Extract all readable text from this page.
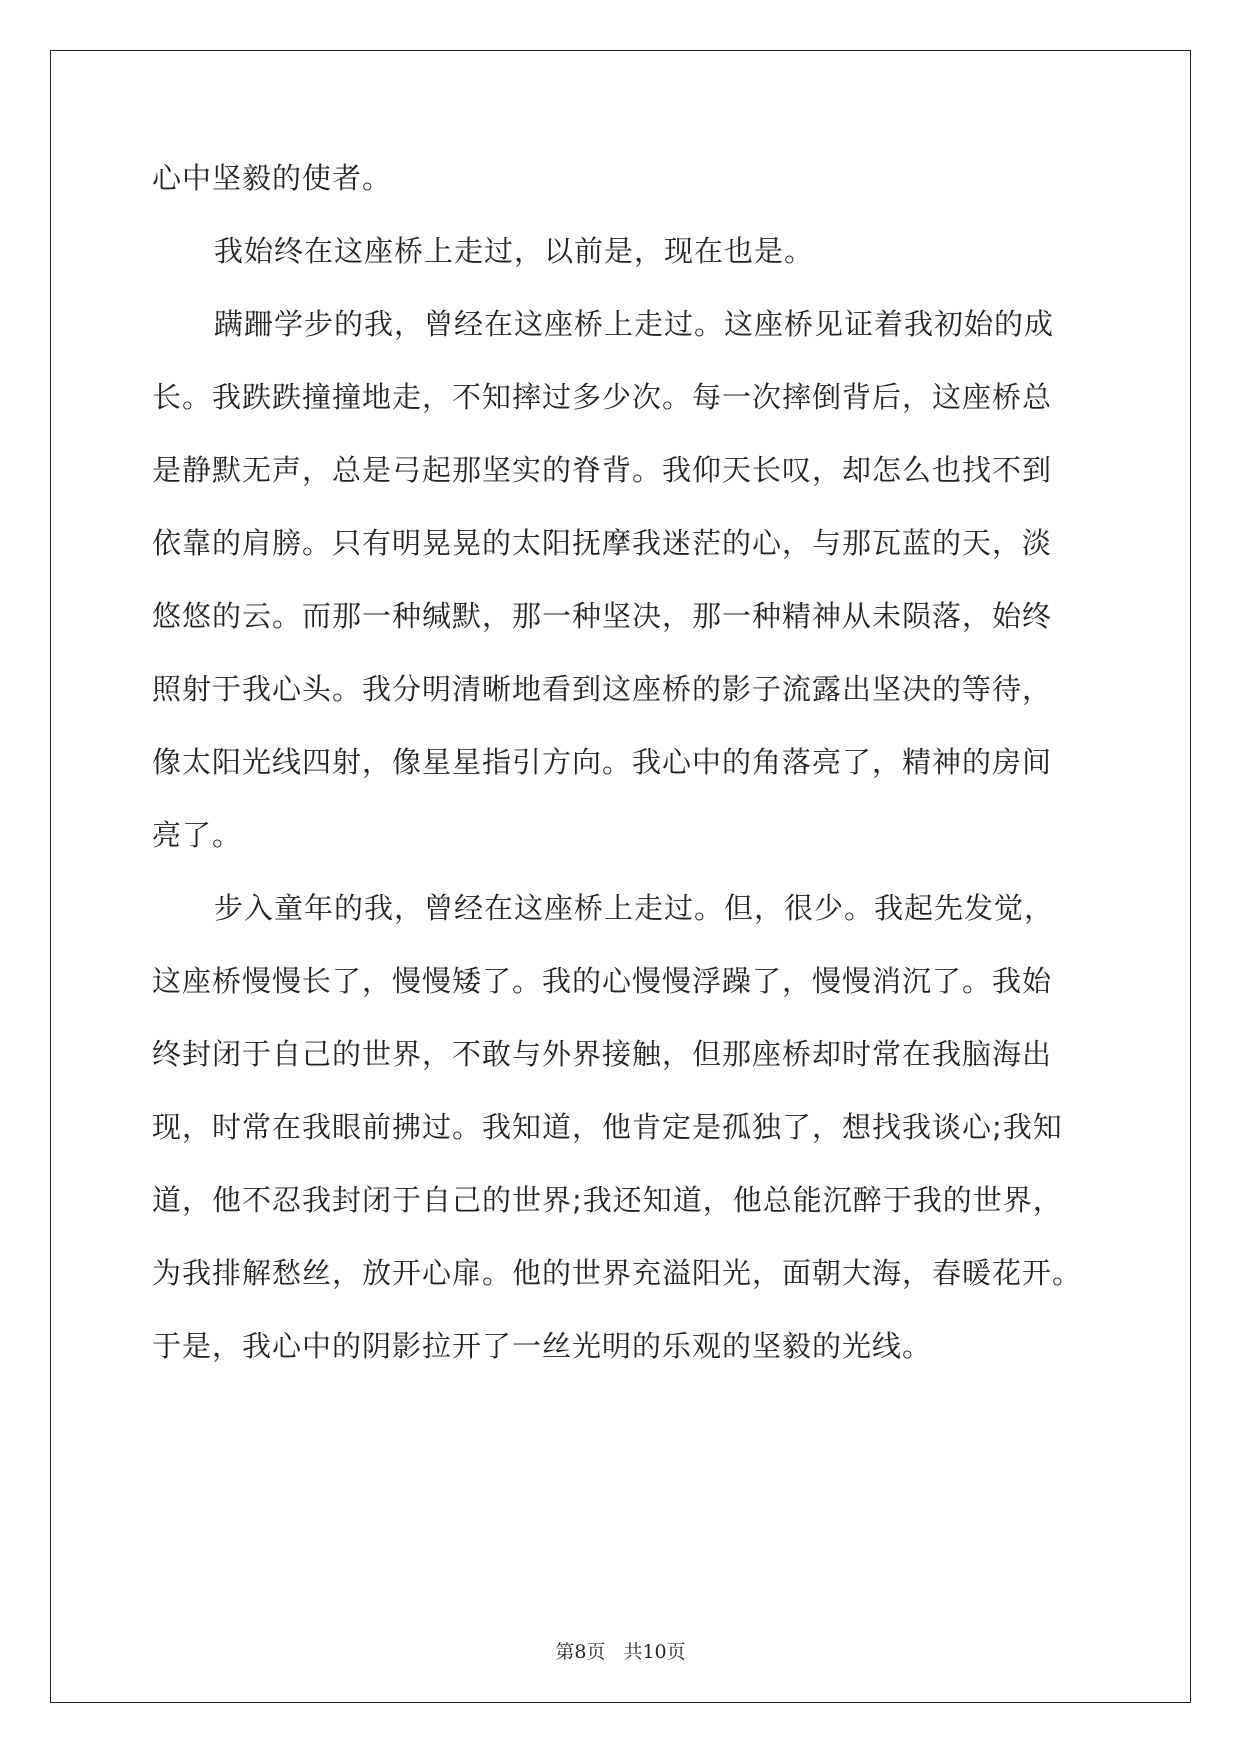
心中坚毅的使者。
我始终在这座桥上走过，以前是，现在也是。
蹒跚学步的我，曾经在这座桥上走过。这座桥见证着我初始的成
长。我跌跌撞撞地走，不知摔过多少次。每一次摔倒背后，这座桥总
是静默无声，总是弓起那坚实的脊背。我仰天长叹，却怎么也找不到
依靠的肩膀。只有明晃晃的太阳抚摩我迷茫的心，与那瓦蓝的天，淡
悠悠的云。而那一种缄默，那一种坚决，那一种精神从未陨落，始终
照射于我心头。我分明清晰地看到这座桥的影子流露出坚决的等待，
像太阳光线四射，像星星指引方向。我心中的角落亮了，精神的房间
亮了。
步入童年的我，曾经在这座桥上走过。但，很少。我起先发觉，
这座桥慢慢长了，慢慢矮了。我的心慢慢浮躁了，慢慢消沉了。我始
终封闭于自己的世界，不敢与外界接触，但那座桥却时常在我脑海出
现，时常在我眼前拂过。我知道，他肯定是孤独了，想找我谈心;我知
道，他不忍我封闭于自己的世界;我还知道，他总能沉醉于我的世界，
为我排解愁丝，放开心扉。他的世界充溢阳光，面朝大海，春暖花开。
于是，我心中的阴影拉开了一丝光明的乐观的坚毅的光线。
第8页 共10页
